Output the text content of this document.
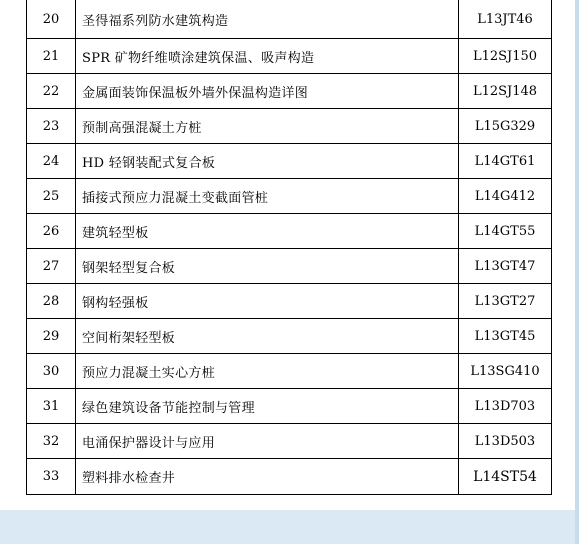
20	圣得福系列防水建筑构造	L13JT46
21	SPR 矿物纤维喷涂建筑保温、吸声构造	L12SJ150
22	金属面装饰保温板外墙外保温构造详图	L12SJ148
23	预制高强混凝土方桩	L15G329
24	HD 轻钢装配式复合板	L14GT61
25	插接式预应力混凝土变截面管桩	L14G412
26	建筑轻型板	L14GT55
27	钢架轻型复合板	L13GT47
28	钢构轻强板	L13GT27
29	空间桁架轻型板	L13GT45
30	预应力混凝土实心方桩	L13SG410
31	绿色建筑设备节能控制与管理	L13D703
32	电涌保护器设计与应用	L13D503
33	塑料排水检查井	L14ST54
